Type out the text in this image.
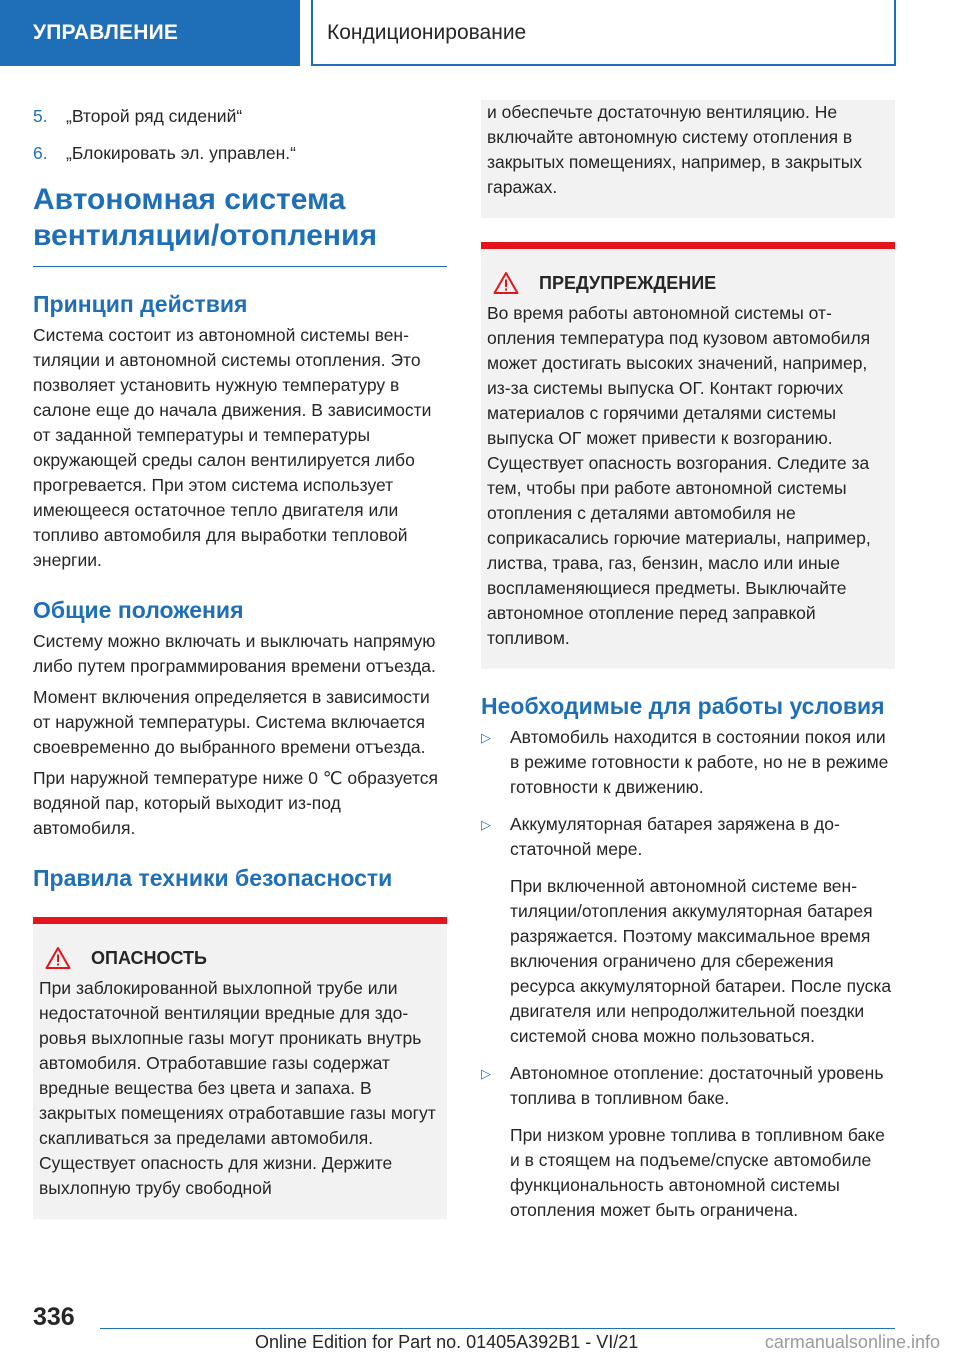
УПРАВЛЕНИЕ	Кондиционирование
5.	„Второй ряд сидений“
6.	„Блокировать эл. управлен.“
Автономная система вентиляции/отопления
Принцип действия

Система состоит из автономной системы вентиляции и автономной системы отопления. Это позволяет установить нужную температуру в салоне еще до начала движения. В зависимости от заданной температуры и температуры окружающей среды салон вентилируется либо прогревается. При этом система использует имеющееся остаточное тепло двигателя или топливо автомобиля для выработки тепловой энергии.

Общие положения

Систему можно включать и выключать напрямую либо путем программирования времени отъезда.

Момент включения определяется в зависимости от наружной температуры. Система включается своевременно до выбранного времени отъезда.

При наружной температуре ниже 0 ℃ образуется водяной пар, который выходит из-под автомобиля.

Правила техники безопасности
ОПАСНОСТЬ

При заблокированной выхлопной трубе или недостаточной вентиляции вредные для здоровья выхлопные газы могут проникать внутрь автомобиля. Отработавшие газы содержат вредные вещества без цвета и запаха. В закрытых помещениях отработавшие газы могут скапливаться за пределами автомобиля. Существует опасность для жизни. Держите выхлопную трубу свободной

и обеспечьте достаточную вентиляцию. Не включайте автономную систему отопления в закрытых помещениях, например, в закрытых гаражах.

ПРЕДУПРЕЖДЕНИЕ

Во время работы автономной системы отопления температура под кузовом автомобиля может достигать высоких значений, например, из-за системы выпуска ОГ. Контакт горючих материалов с горячими деталями системы выпуска ОГ может привести к возгоранию. Существует опасность возгорания. Следите за тем, чтобы при работе автономной системы отопления с деталями автомобиля не соприкасались горючие материалы, например, листва, трава, газ, бензин, масло или иные воспламеняющиеся предметы. Выключайте автономное отопление перед заправкой топливом.

Необходимые для работы условия
▷	Автомобиль находится в состоянии покоя или в режиме готовности к работе, но не в режиме готовности к движению.

▷	Аккумуляторная батарея заряжена в достаточной мере.

При включенной автономной системе вентиляции/отопления аккумуляторная батарея разряжается. Поэтому максимальное время включения ограничено для сбережения ресурса аккумуляторной батареи. После пуска двигателя или непродолжительной поездки системой снова можно пользоваться.

▷	Автономное отопление: достаточный уровень топлива в топливном баке.

При низком уровне топлива в топливном баке и в стоящем на подъеме/спуске автомобиле функциональность автономной системы отопления может быть ограничена.

336
Online Edition for Part no. 01405A392B1 - VI/21	carmanualsonline.info
